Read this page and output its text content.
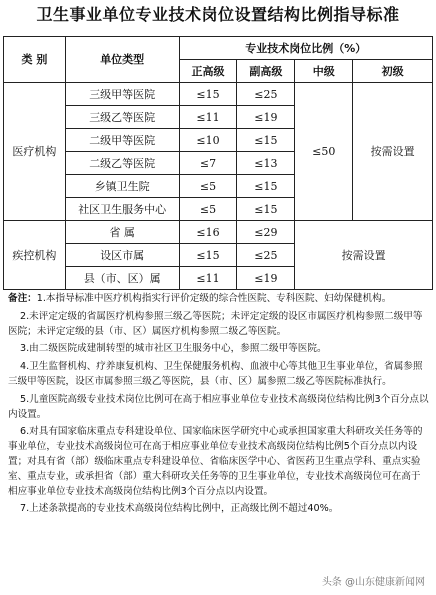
卫生事业单位专业技术岗位设置结构比例指导标准
类 别	单位类型	专业技术岗位比例（%）			
		正高级	副高级	中级	初级
医疗机构	三级甲等医院	≤15	≤25	≤50	按需设置
	三级乙等医院	≤11	≤19		
	二级甲等医院	≤10	≤15		
	二级乙等医院	≤7	≤13		
	乡镇卫生院	≤5	≤15		
	社区卫生服务中心	≤5	≤15		
疾控机构	省 属	≤16	≤29	按需设置	
	设区市属	≤15	≤25		
	县（市、区）属	≤11	≤19		

备注：1.本指导标准中医疗机构指实行评价定级的综合性医院、专科医院、妇幼保健机构。

2.未评定定级的省属医疗机构参照三级乙等医院；未评定定级的设区市属医疗机构参照二级甲等医院；未评定定级的县（市、区）属医疗机构参照二级乙等医院。

3.由二级医院成建制转型的城市社区卫生服务中心，参照二级甲等医院。

4.卫生监督机构、疗养康复机构、卫生保健服务机构、血液中心等其他卫生事业单位，省属参照三级甲等医院，设区市属参照三级乙等医院，县（市、区）属参照二级乙等医院标准执行。

5.儿童医院高级专业技术岗位比例可在高于相应事业单位专业技术高级岗位结构比例3个百分点以内设置。

6.对具有国家临床重点专科建设单位、国家临床医学研究中心或承担国家重大科研攻关任务等的事业单位，专业技术高级岗位可在高于相应事业单位专业技术高级岗位结构比例5个百分点以内设置；对具有省（部）级临床重点专科建设单位、省临床医学中心、省医药卫生重点学科、重点实验室、重点专业，或承担省（部）重大科研攻关任务等的卫生事业单位，专业技术高级岗位可在高于相应事业单位专业技术高级岗位结构比例3个百分点以内设置。

7.上述条款提高的专业技术高级岗位结构比例中，正高级比例不超过40%。

头条 @山东健康新闻网
